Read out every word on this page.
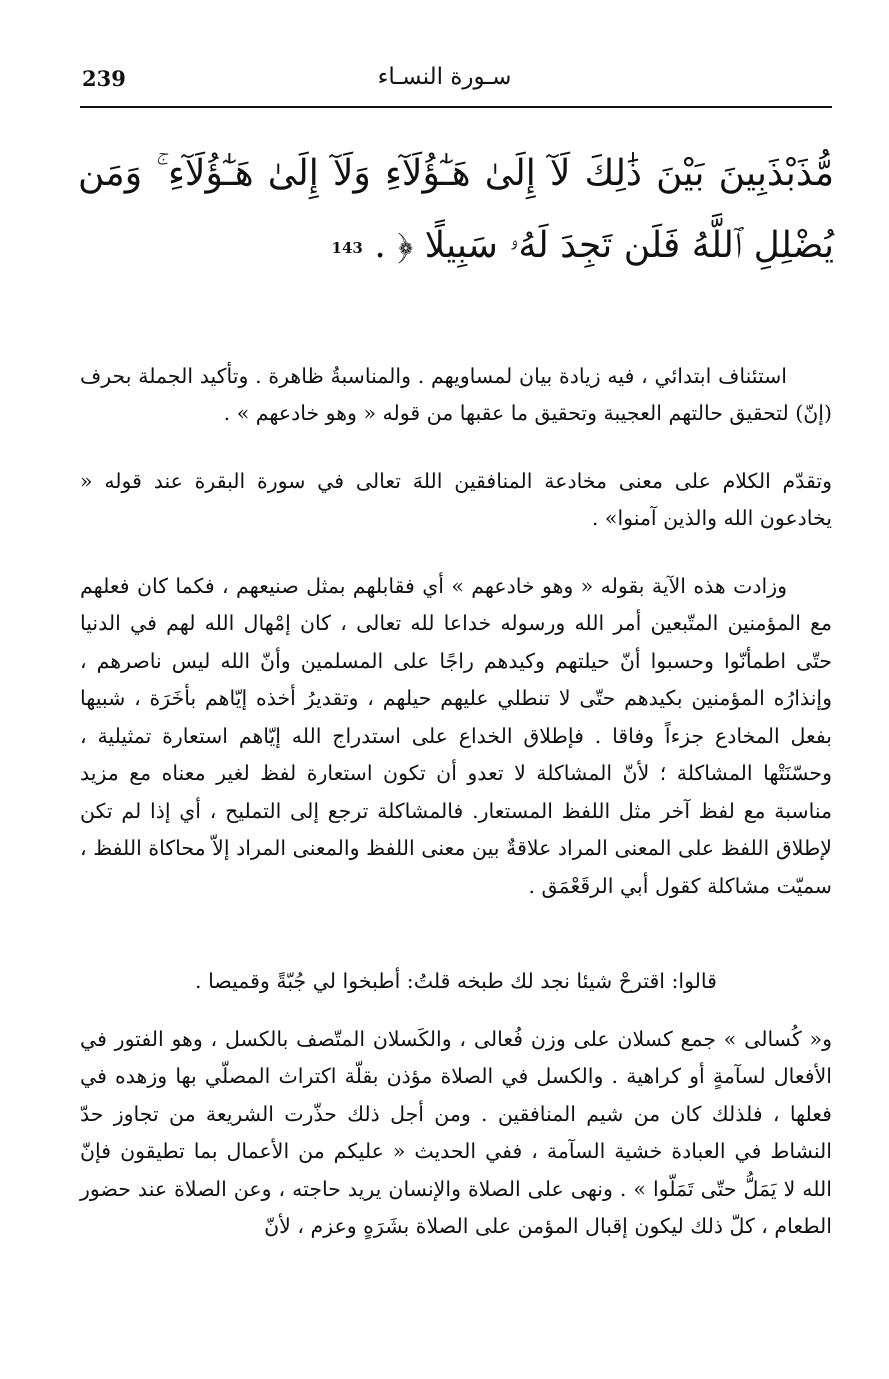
239	سـورة النسـاء
مُّذَبْذَبِينَ بَيْنَ ذَٰلِكَ لَآ إِلَىٰ هَـٰٓؤُلَآءِ وَلَآ إِلَىٰ هَـٰٓؤُلَآءِ ۚ وَمَن يُضْلِلِ ٱللَّهُ فَلَن تَجِدَ لَهُۥ سَبِيلًا ﴿ . 143

استئناف ابتدائي ، فيه زيادة بيان لمساويهم . والمناسبةُ ظاهرة . وتأكيد الجملة بحرف (إنّ) لتحقيق حالتهم العجيبة وتحقيق ما عقبها من قوله « وهو خادعهم » .

وتقدّم الكلام على معنى مخادعة المنافقين اللهَ تعالى في سورة البقرة عند قوله « يخادعون الله والذين آمنوا» .

وزادت هذه الآية بقوله « وهو خادعهم » أي فقابلهم بمثل صنيعهم ، فكما كان فعلهم مع المؤمنين المتّبعين أمر الله ورسوله خداعا لله تعالى ، كان إمْهال الله لهم في الدنيا حتّى اطمأنّوا وحسبوا أنّ حيلتهم وكيدهم راجًا على المسلمين وأنّ الله ليس ناصرهم ، وإنذارُه المؤمنين بكيدهم حتّى لا تنطلي عليهم حيلهم ، وتقديرُ أخذه إيّاهم بأخَرَة ، شبيها بفعل المخادع جزءاً وفاقا . فإطلاق الخداع على استدراج الله إيّاهم استعارة تمثيلية ، وحسّنَتْها المشاكلة ؛ لأنّ المشاكلة لا تعدو أن تكون استعارة لفظ لغير معناه مع مزيد مناسبة مع لفظ آخر مثل اللفظ المستعار. فالمشاكلة ترجع إلى التمليح ، أي إذا لم تكن لإطلاق اللفظ على المعنى المراد علاقةٌ بين معنى اللفظ والمعنى المراد إلاّ محاكاة اللفظ ، سميّت مشاكلة كقول أبي الرقَعْمَق .

قالوا: اقترحْ شيئا نجد لك طبخه قلتُ: أطبخوا لي جُبّةً وقميصا .

و« كُسالى » جمع كسلان على وزن فُعالى ، والكَسلان المتّصف بالكسل ، وهو الفتور في الأفعال لسآمةٍ أو كراهية . والكسل في الصلاة مؤذن بقلّة اكتراث المصلّي بها وزهده في فعلها ، فلذلك كان من شيم المنافقين . ومن أجل ذلك حذّرت الشريعة من تجاوز حدّ النشاط في العبادة خشية السآمة ، ففي الحديث « عليكم من الأعمال بما تطيقون فإنّ الله لا يَمَلُّ حتّى تَمَلّوا » . ونهى على الصلاة والإنسان يريد حاجته ، وعن الصلاة عند حضور الطعام ، كلّ ذلك ليكون إقبال المؤمن على الصلاة بشَرَهٍ وعزم ، لأنّ
